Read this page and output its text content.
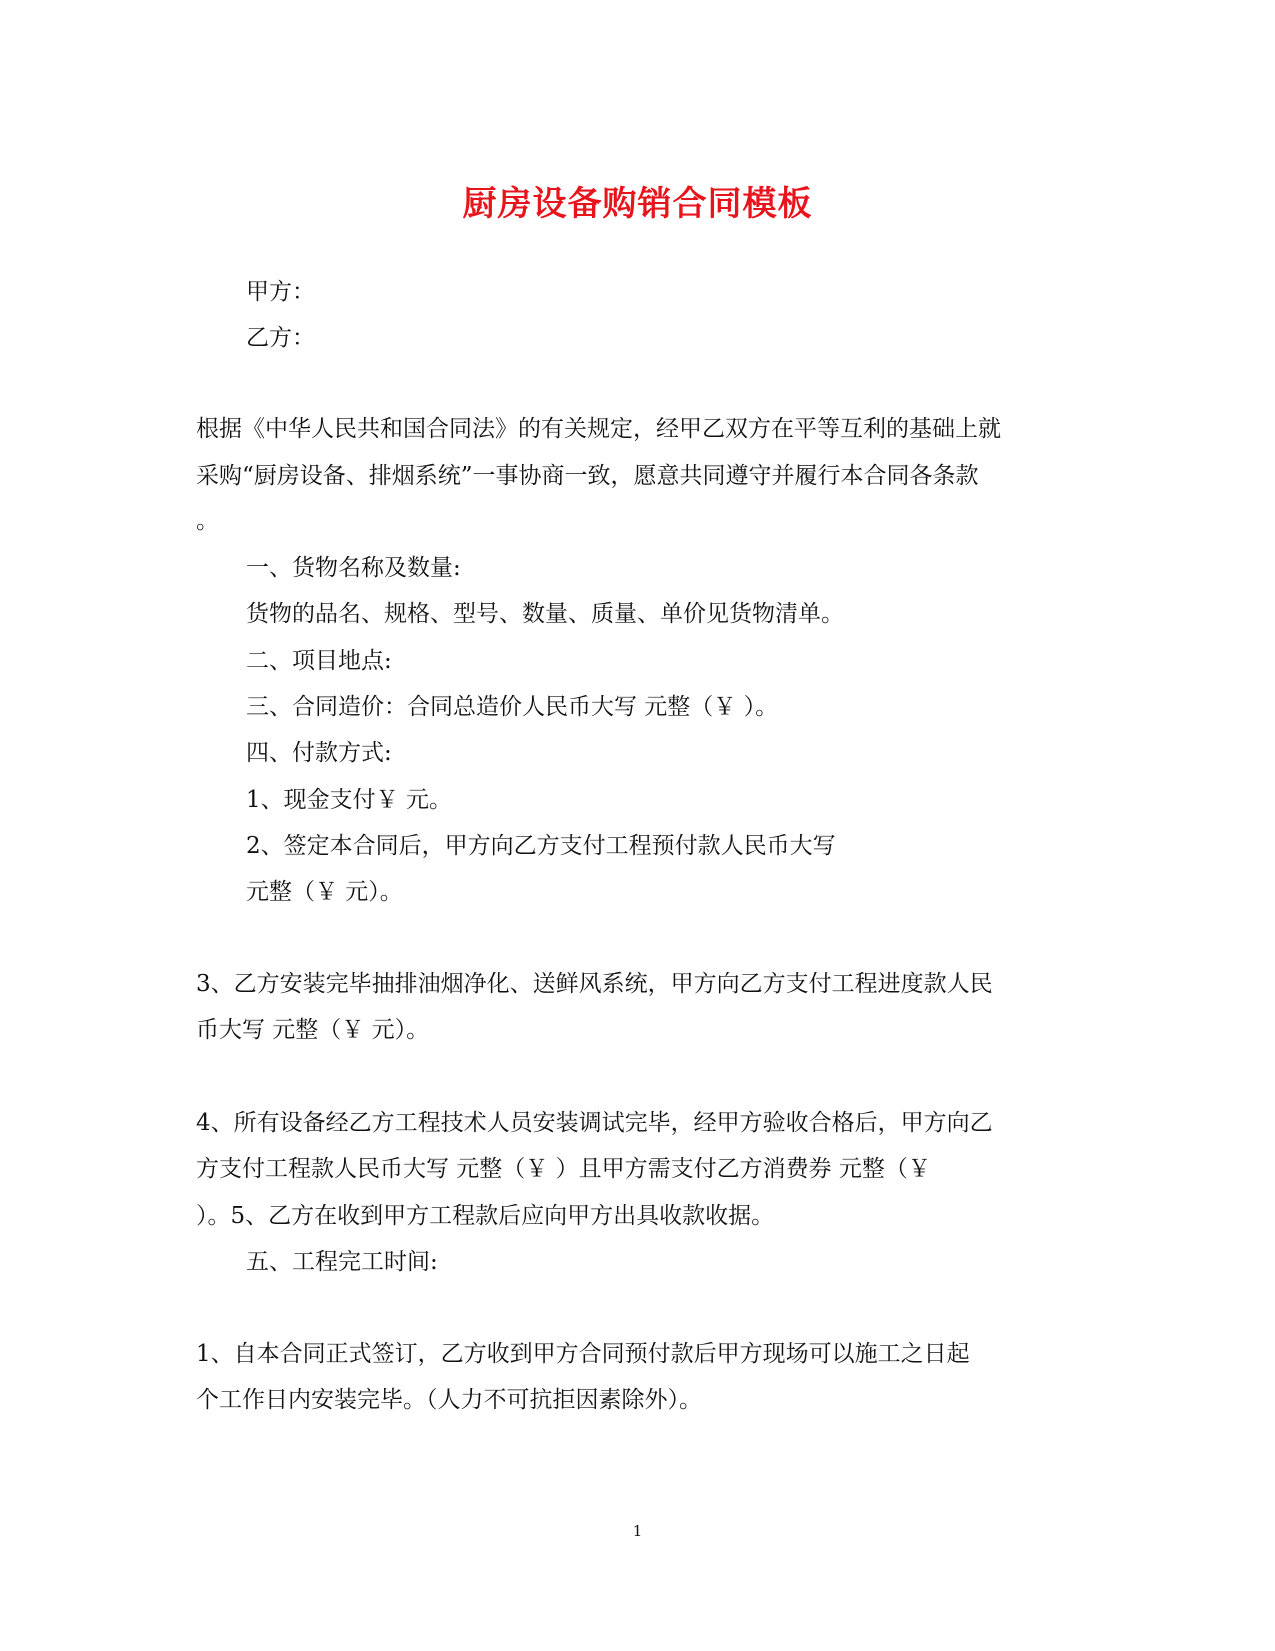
厨房设备购销合同模板
甲方：
乙方：
根据《中华人民共和国合同法》的有关规定，经甲乙双方在平等互利的基础上就
采购“厨房设备、排烟系统”一事协商一致，愿意共同遵守并履行本合同各条款
。
一、货物名称及数量:
货物的品名、规格、型号、数量、质量、单价见货物清单。
二、项目地点:
三、合同造价：合同总造价人民币大写 元整（￥ ）。
四、付款方式:
1、现金支付￥ 元。
2、签定本合同后，甲方向乙方支付工程预付款人民币大写
元整（￥ 元）。
3、乙方安装完毕抽排油烟净化、送鲜风系统，甲方向乙方支付工程进度款人民
币大写 元整（￥ 元）。
4、所有设备经乙方工程技术人员安装调试完毕，经甲方验收合格后，甲方向乙
方支付工程款人民币大写 元整（￥ ）且甲方需支付乙方消费券 元整（￥
）。5、乙方在收到甲方工程款后应向甲方出具收款收据。
五、工程完工时间:
1、自本合同正式签订，乙方收到甲方合同预付款后甲方现场可以施工之日起
个工作日内安装完毕。（人力不可抗拒因素除外）。
1
